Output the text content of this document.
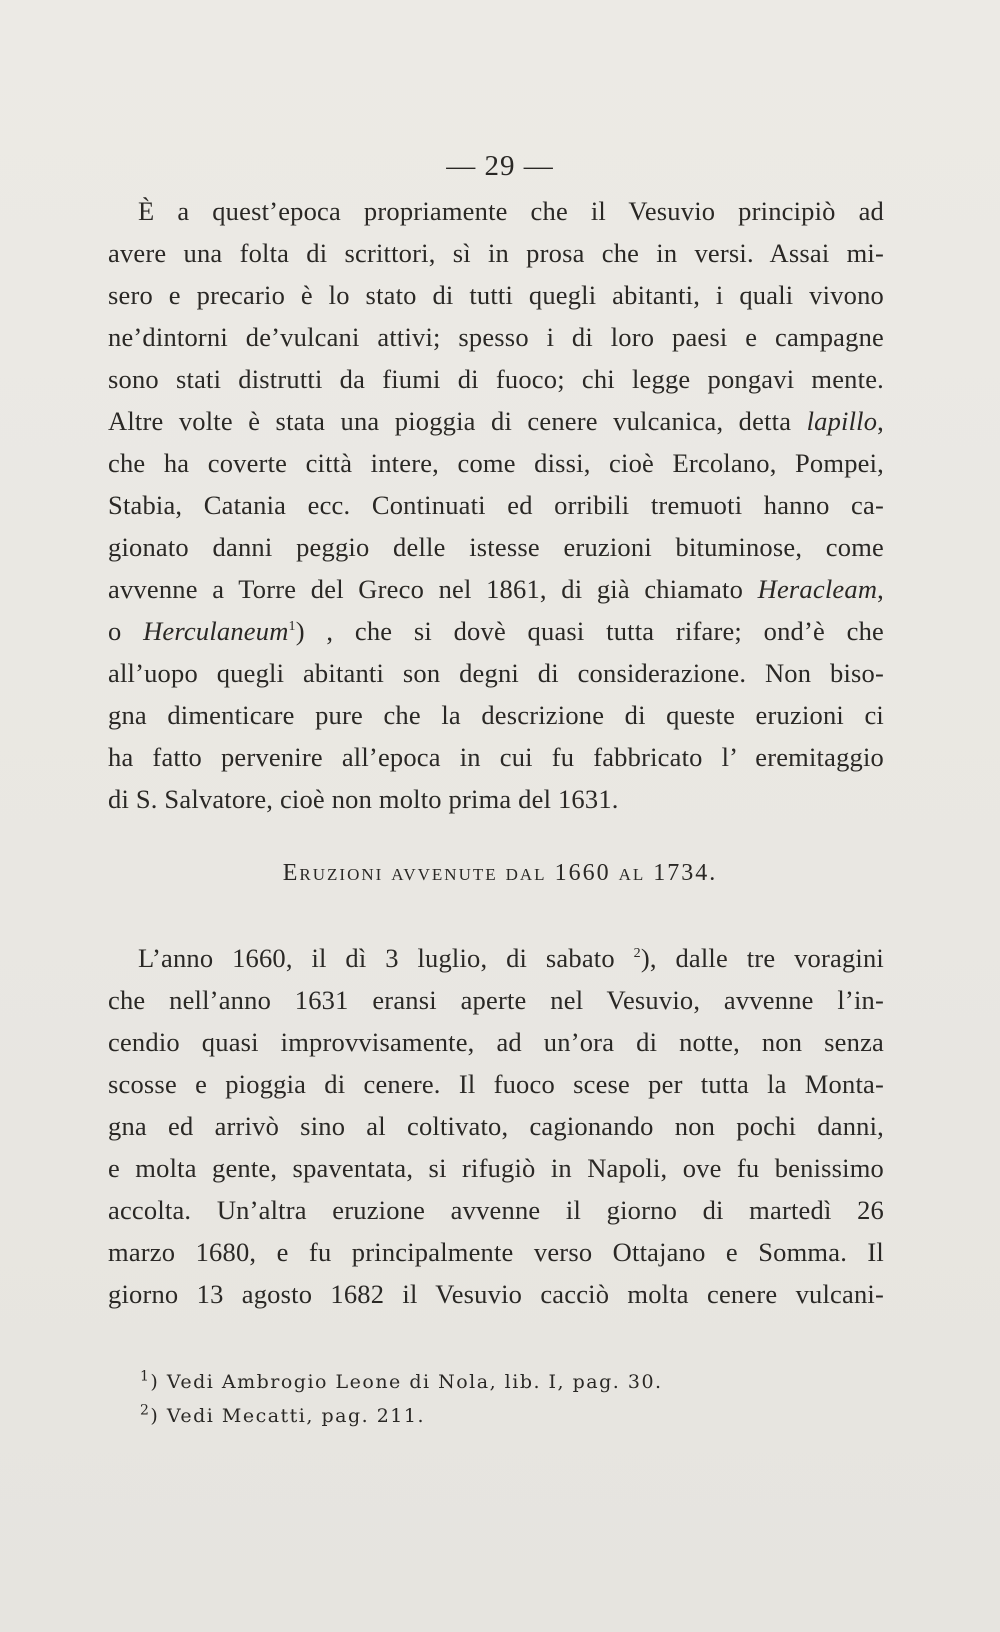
— 29 —
È a quest’epoca propriamente che il Vesuvio principiò ad
avere una folta di scrittori, sì in prosa che in versi. Assai mi-
sero e precario è lo stato di tutti quegli abitanti, i quali vivono
ne’dintorni de’vulcani attivi; spesso i di loro paesi e campagne
sono stati distrutti da fiumi di fuoco; chi legge pongavi mente.
Altre volte è stata una pioggia di cenere vulcanica, detta lapillo,
che ha coverte città intere, come dissi, cioè Ercolano, Pompei,
Stabia, Catania ecc. Continuati ed orribili tremuoti hanno ca-
gionato danni peggio delle istesse eruzioni bituminose, come
avvenne a Torre del Greco nel 1861, di già chiamato Heracleam,
o Herculaneum$^1$) , che si dovè quasi tutta rifare; ond’è che
all’uopo quegli abitanti son degni di considerazione. Non biso-
gna dimenticare pure che la descrizione di queste eruzioni ci
ha fatto pervenire all’epoca in cui fu fabbricato l’ eremitaggio
di S. Salvatore, cioè non molto prima del 1631.
Eruzioni avvenute dal 1660 al 1734.
L’anno 1660, il dì 3 luglio, di sabato $^2$), dalle tre voragini
che nell’anno 1631 eransi aperte nel Vesuvio, avvenne l’in-
cendio quasi improvvisamente, ad un’ora di notte, non senza
scosse e pioggia di cenere. Il fuoco scese per tutta la Monta-
gna ed arrivò sino al coltivato, cagionando non pochi danni,
e molta gente, spaventata, si rifugiò in Napoli, ove fu benissimo
accolta. Un’altra eruzione avvenne il giorno di martedì 26
marzo 1680, e fu principalmente verso Ottajano e Somma. Il
giorno 13 agosto 1682 il Vesuvio cacciò molta cenere vulcani-
$^1$) Vedi Ambrogio Leone di Nola, lib. I, pag. 30.
$^2$) Vedi Mecatti, pag. 211.
